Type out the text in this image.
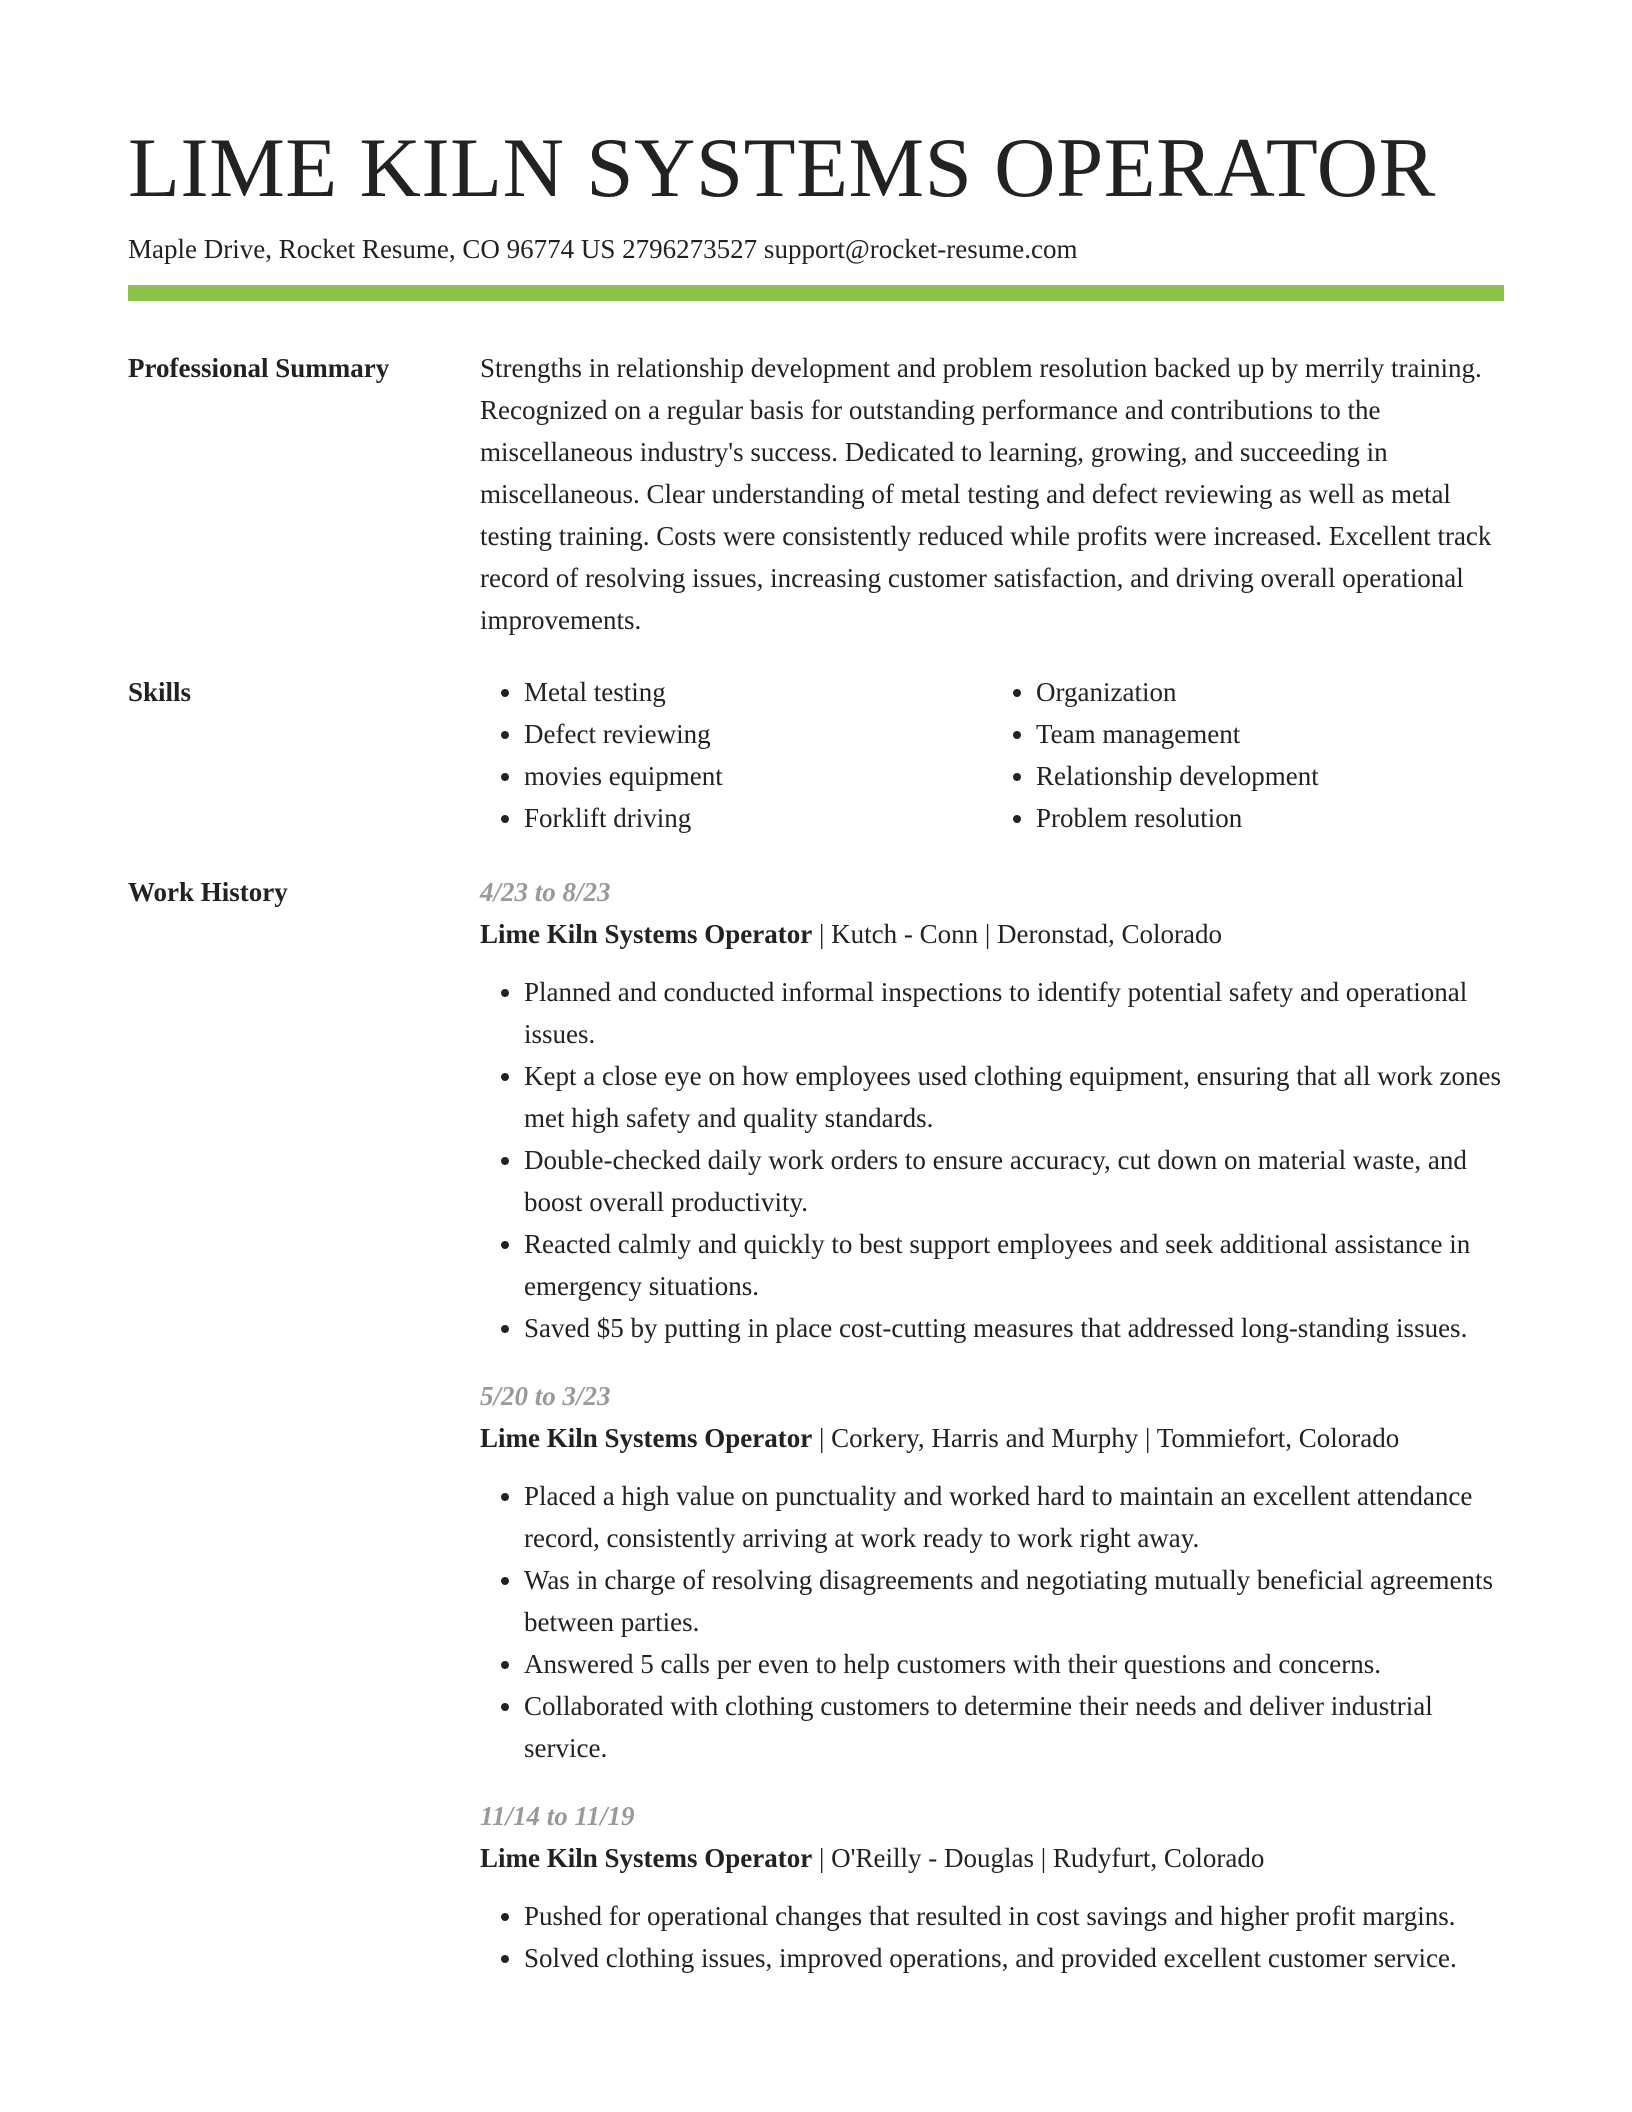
LIME KILN SYSTEMS OPERATOR
Maple Drive, Rocket Resume, CO 96774 US 2796273527 support@rocket-resume.com
Professional Summary	Strengths in relationship development and problem resolution backed up by merrily training. Recognized on a regular basis for outstanding performance and contributions to the miscellaneous industry's success. Dedicated to learning, growing, and succeeding in miscellaneous. Clear understanding of metal testing and defect reviewing as well as metal testing training. Costs were consistently reduced while profits were increased. Excellent track record of resolving issues, increasing customer satisfaction, and driving overall operational improvements.

Skills
•	Metal testing
• Defect reviewing
• movies equipment
• Forklift driving
• Organization
• Team management
• Relationship development
• Problem resolution
Work History	4/23 to 8/23
Lime Kiln Systems Operator | Kutch - Conn | Deronstad, Colorado
• Planned and conducted informal inspections to identify potential safety and operational issues.
• Kept a close eye on how employees used clothing equipment, ensuring that all work zones met high safety and quality standards.
• Double-checked daily work orders to ensure accuracy, cut down on material waste, and boost overall productivity.
• Reacted calmly and quickly to best support employees and seek additional assistance in emergency situations.
• Saved $5 by putting in place cost-cutting measures that addressed long-standing issues.
5/20 to 3/23
Lime Kiln Systems Operator | Corkery, Harris and Murphy | Tommiefort, Colorado
• Placed a high value on punctuality and worked hard to maintain an excellent attendance record, consistently arriving at work ready to work right away.
• Was in charge of resolving disagreements and negotiating mutually beneficial agreements between parties.
• Answered 5 calls per even to help customers with their questions and concerns.
• Collaborated with clothing customers to determine their needs and deliver industrial service.
11/14 to 11/19
Lime Kiln Systems Operator | O'Reilly - Douglas | Rudyfurt, Colorado
• Pushed for operational changes that resulted in cost savings and higher profit margins.
• Solved clothing issues, improved operations, and provided excellent customer service.
